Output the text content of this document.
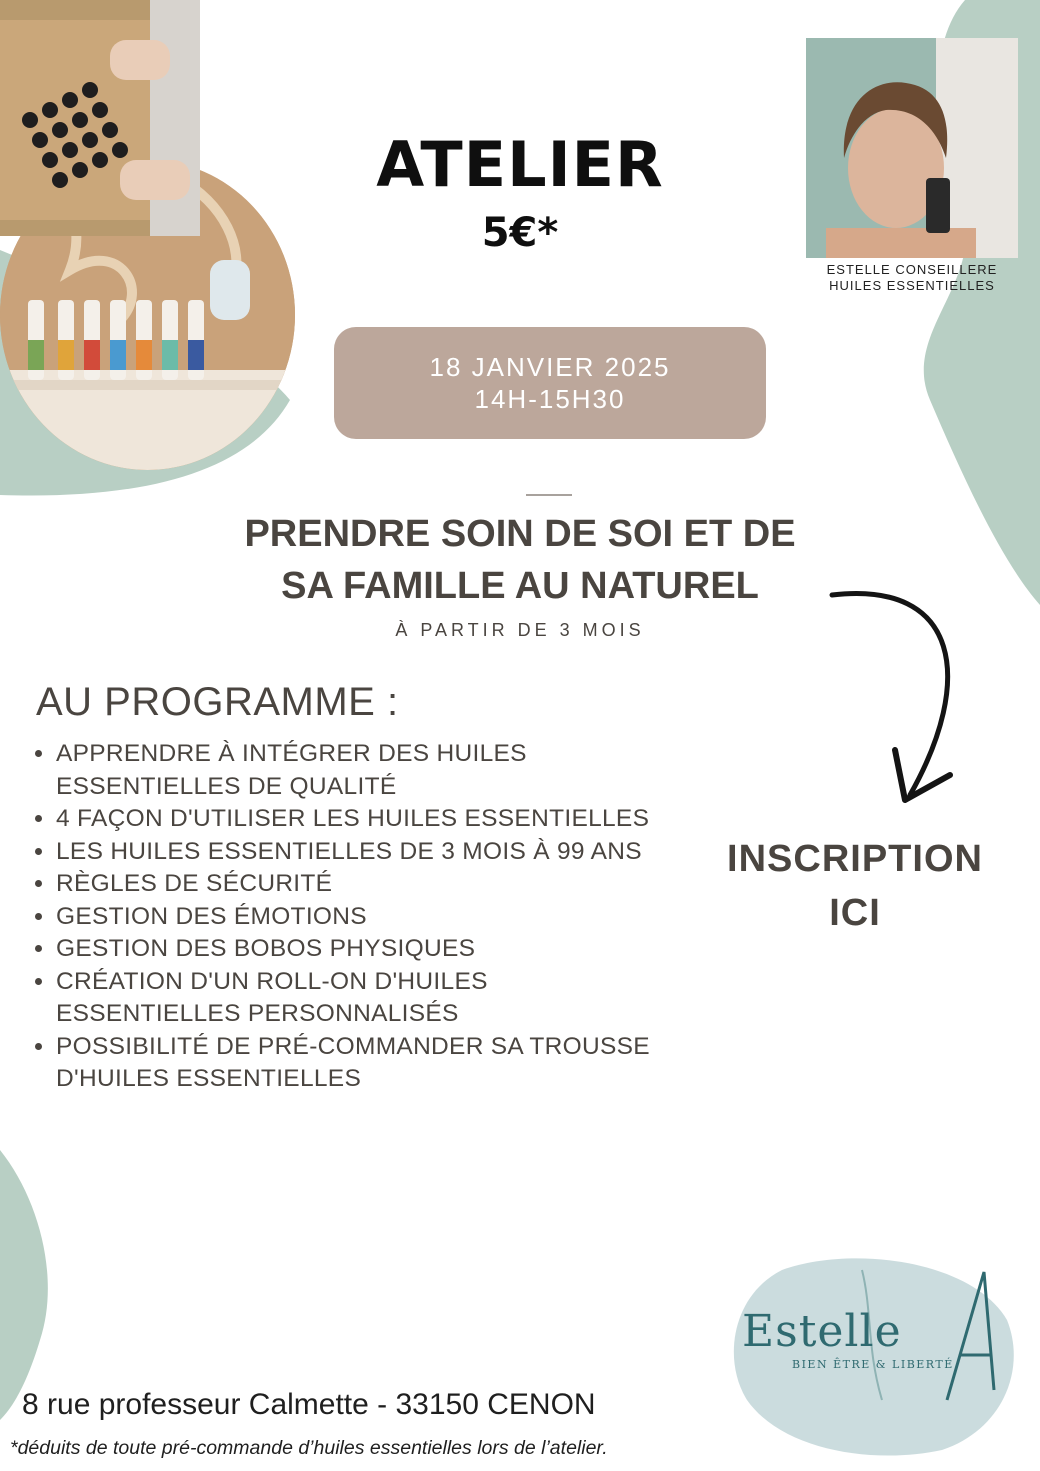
ATELIER
5€*
18 JANVIER 2025
14H-15H30
ESTELLE CONSEILLERE
HUILES ESSENTIELLES
PRENDRE SOIN DE SOI ET DE
SA FAMILLE AU NATUREL
À PARTIR DE 3 MOIS
AU PROGRAMME :
• APPRENDRE À INTÉGRER DES HUILES ESSENTIELLES DE QUALITÉ
• 4 FAÇON D'UTILISER LES HUILES ESSENTIELLES
• LES HUILES ESSENTIELLES DE 3 MOIS À 99 ANS
• RÈGLES DE SÉCURITÉ
• GESTION DES ÉMOTIONS
• GESTION DES BOBOS PHYSIQUES
• CRÉATION D'UN ROLL-ON D'HUILES ESSENTIELLES PERSONNALISÉS
• POSSIBILITÉ DE PRÉ-COMMANDER SA TROUSSE D'HUILES ESSENTIELLES
INSCRIPTION
ICI
Estelle
BIEN ÊTRE & LIBERTÉ
8 rue professeur Calmette - 33150 CENON
*déduits de toute pré-commande d’huiles essentielles lors de l’atelier.
